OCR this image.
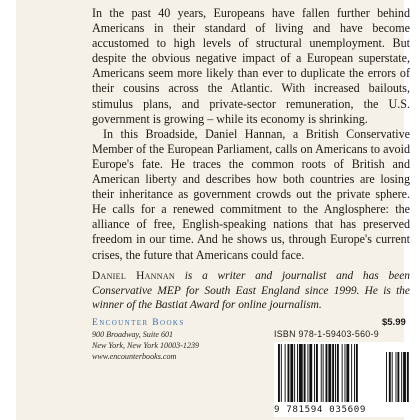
In the past 40 years, Europeans have fallen further behind Americans in their standard of living and have become accustomed to high levels of structural unemployment. But despite the obvious negative impact of a European superstate, Americans seem more likely than ever to duplicate the errors of their cousins across the Atlantic. With increased bailouts, stimulus plans, and private-sector remuneration, the U.S. government is growing – while its economy is shrinking.

In this Broadside, Daniel Hannan, a British Conservative Member of the European Parliament, calls on Americans to avoid Europe's fate. He traces the common roots of British and American liberty and describes how both countries are losing their inheritance as government crowds out the private sphere. He calls for a renewed commitment to the Anglosphere: the alliance of free, English-speaking nations that has preserved freedom in our time. And he shows us, through Europe's current crises, the future that Americans could face.

Daniel Hannan is a writer and journalist and has been Conservative MEP for South East England since 1999. He is the winner of the Bastiat Award for online journalism.
Encounter Books
900 Broadway, Suite 601
New York, New York 10003-1239
www.encounterbooks.com
$5.99
ISBN 978-1-59403-560-9
9 781594 035609
